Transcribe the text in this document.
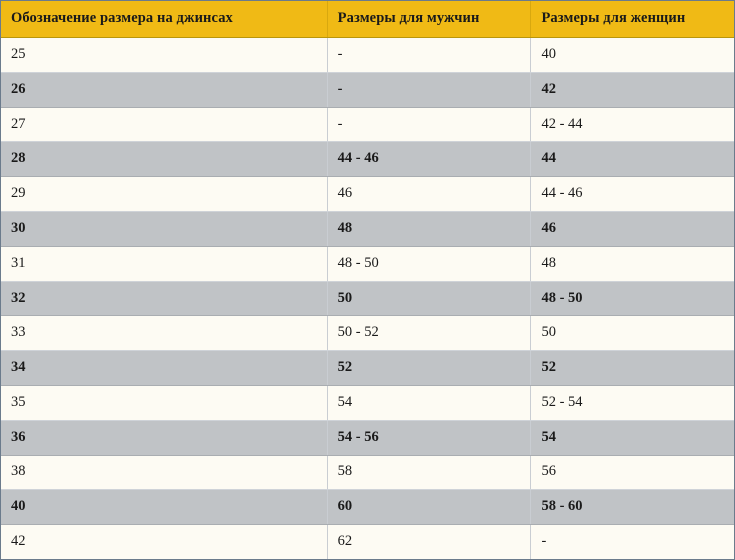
Обозначение размера на джинсах	Размеры для мужчин	Размеры для женщин
25	-	40
26	-	42
27	-	42 - 44
28	44 - 46	44
29	46	44 - 46
30	48	46
31	48 - 50	48
32	50	48 - 50
33	50 - 52	50
34	52	52
35	54	52 - 54
36	54 - 56	54
38	58	56
40	60	58 - 60
42	62	-
